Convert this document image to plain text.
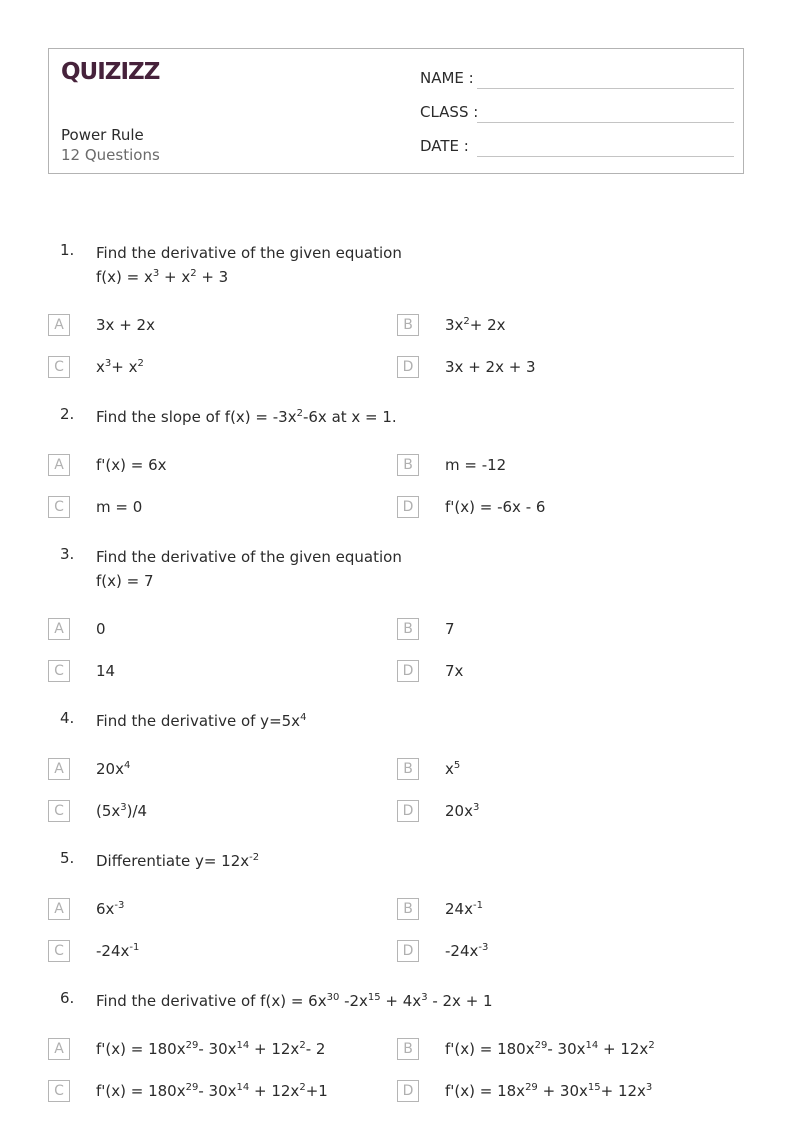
QUIZIZZ
Power Rule
12 Questions
NAME :
CLASS :
DATE :
1. Find the derivative of the given equation
$f(x) = x^3 + x^2 + 3$
A	3x + 2x	B	$3x^2+ 2x$
C	$x^3+ x^2$	D	3x + 2x + 3
2. Find the slope of $f(x) = -3x^2-6x$ at x = 1.
A	f'(x) = 6x	B	m = -12
C	m = 0	D	f'(x) = -6x - 6
3. Find the derivative of the given equation
f(x) = 7
A	0	B	7
C	14	D	7x
4. Find the derivative of $y=5x^4$
A	$20x^4$	B	$x^5$
C	$(5x^3)/4$	D	$20x^3$
5. Differentiate $y= 12x^{-2}$
A	$6x^{-3}$	B	$24x^{-1}$
C	$-24x^{-1}$	D	$-24x^{-3}$
6. Find the derivative of $f(x) = 6x^{30}$ $-2x^{15} + 4x^3 - 2x + 1$
A	$f'(x) = 180x^{29}-$ $30x^{14} + 12x^2-$ 2	B	$f'(x) = 180x^{29}-$ $30x^{14} + 12x^2$
C	$f'(x) = 180x^{29}-$ $30x^{14} + 12x^2+1$	D	$f'(x) = 18x^{29} + 30x^{15}+ 12x^3$
